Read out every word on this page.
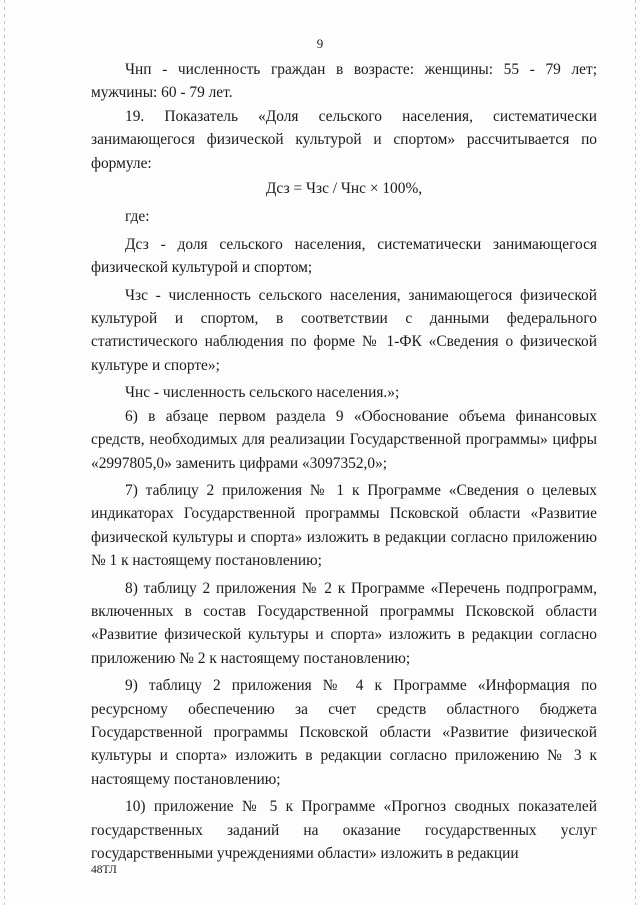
9

Чнп - численность граждан в возрасте: женщины: 55 - 79 лет; мужчины: 60 - 79 лет.

19. Показатель «Доля сельского населения, систематически занимающегося физической культурой и спортом» рассчитывается по формуле:

Дсз = Чзс / Чнс × 100%,

где:

Дсз - доля сельского населения, систематически занимающегося физической культурой и спортом;

Чзс - численность сельского населения, занимающегося физической культурой и спортом, в соответствии с данными федерального статистического наблюдения по форме № 1-ФК «Сведения о физической культуре и спорте»;

Чнс - численность сельского населения.»;

6) в абзаце первом раздела 9 «Обоснование объема финансовых средств, необходимых для реализации Государственной программы» цифры «2997805,0» заменить цифрами «3097352,0»;

7) таблицу 2 приложения № 1 к Программе «Сведения о целевых индикаторах Государственной программы Псковской области «Развитие физической культуры и спорта» изложить в редакции согласно приложению № 1 к настоящему постановлению;

8) таблицу 2 приложения № 2 к Программе «Перечень подпрограмм, включенных в состав Государственной программы Псковской области «Развитие физической культуры и спорта» изложить в редакции согласно приложению № 2 к настоящему постановлению;

9) таблицу 2 приложения № 4 к Программе «Информация по ресурсному обеспечению за счет средств областного бюджета Государственной программы Псковской области «Развитие физической культуры и спорта» изложить в редакции согласно приложению № 3 к настоящему постановлению;

10) приложение № 5 к Программе «Прогноз сводных показателей государственных заданий на оказание государственных услуг государственными учреждениями области» изложить в редакции

48ТЛ
